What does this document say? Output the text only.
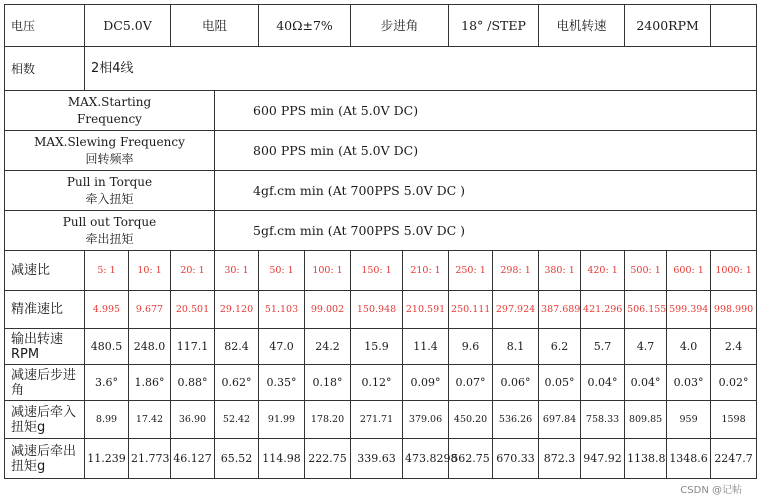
电压	DC5.0V		电阻		40Ω±7%		步进角		18° /STEP		电机转速		2400RPM		
相数	2相4线														

MAX.Starting
Frequency				600 PPS min (At 5.0V DC)											

MAX.Slewing Frequency
回转频率				800 PPS min (At 5.0V DC)											

Pull in Torque
牵入扭矩				4gf.cm min (At 700PPS 5.0V DC )											

Pull out Torque
牵出扭矩				5gf.cm min (At 700PPS 5.0V DC )											
减速比	5: 1	10: 1	20: 1	30: 1	50: 1	100: 1	150: 1	210: 1	250: 1	298: 1	380: 1	420: 1	500: 1	600: 1	1000: 1
精准速比	4.995	9.677	20.501	29.120	51.103	99.002	150.948	210.591	250.111	297.924	387.689	421.296	506.155	599.394	998.990
输出转速RPM	480.5	248.0	117.1	82.4	47.0	24.2	15.9	11.4	9.6	8.1	6.2	5.7	4.7	4.0	2.4
减速后步进角	3.6°	1.86°	0.88°	0.62°	0.35°	0.18°	0.12°	0.09°	0.07°	0.06°	0.05°	0.04°	0.04°	0.03°	0.02°
减速后牵入扭矩g	8.99	17.42	36.90	52.42	91.99	178.20	271.71	379.06	450.20	536.26	697.84	758.33	809.85	959	1598
减速后牵出扭矩g	11.239	21.773	46.127	65.52	114.98	222.75	339.63	473.8298	562.75	670.33	872.3	947.92	1138.8	1348.6	2247.7
CSDN @记帖
